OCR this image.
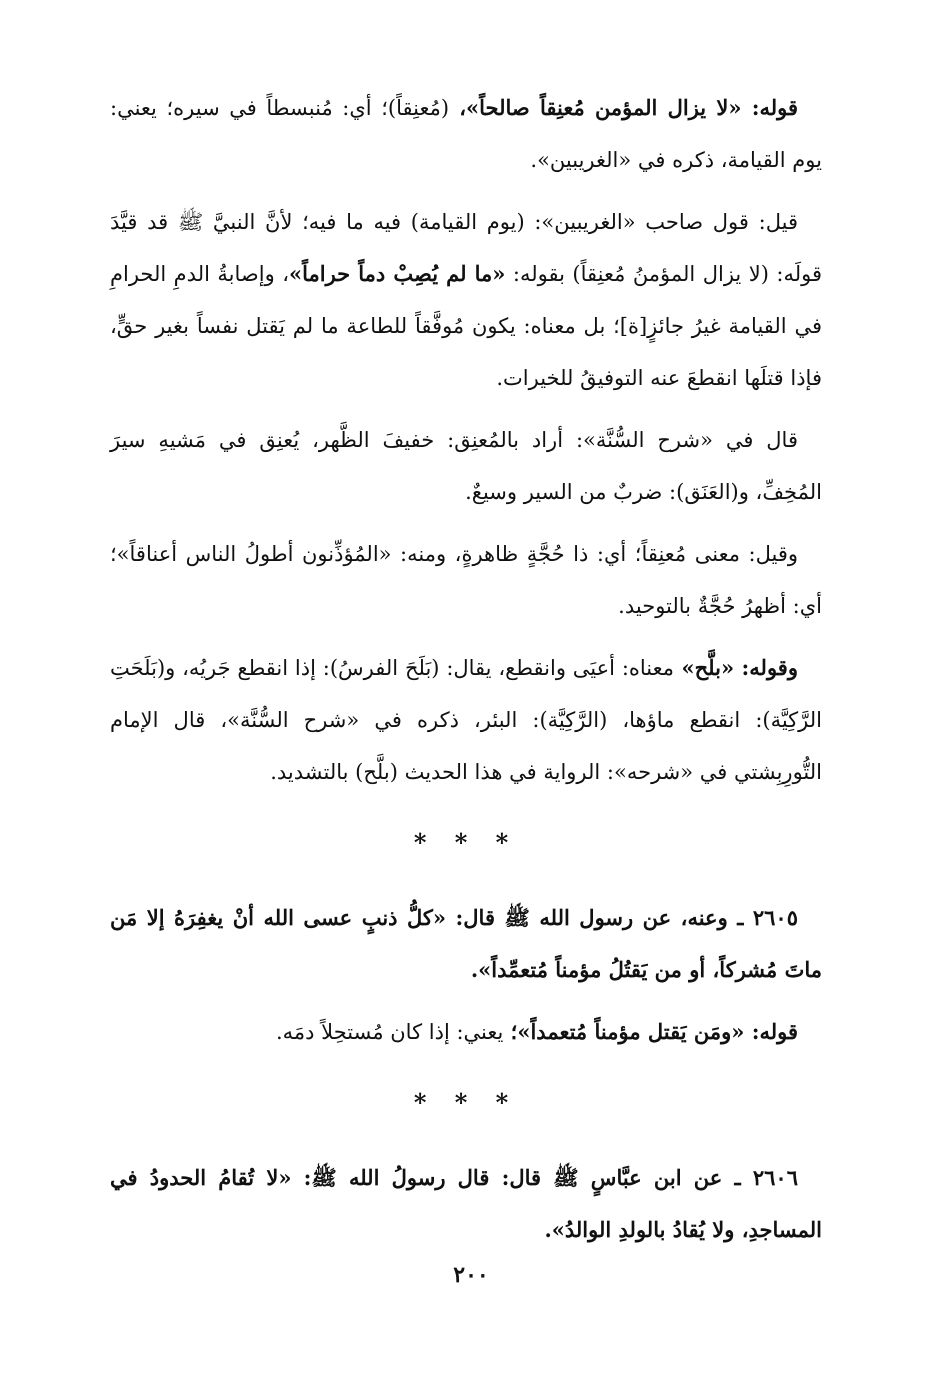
قوله: «لا يزال المؤمن مُعنِقاً صالحاً»، (مُعنِقاً)؛ أي: مُنبسطاً في سيره؛ يعني: يوم القيامة، ذكره في «الغريبين».

قيل: قول صاحب «الغريبين»: (يوم القيامة) فيه ما فيه؛ لأنَّ النبيَّ ﷺ قد قيَّدَ قولَه: (لا يزال المؤمنُ مُعنِقاً) بقوله: «ما لم يُصِبْ دماً حراماً»، وإصابةُ الدمِ الحرامِ في القيامة غيرُ جائزٍ[ة]؛ بل معناه: يكون مُوفَّقاً للطاعة ما لم يَقتل نفساً بغير حقٍّ، فإذا قتلَها انقطعَ عنه التوفيقُ للخيرات.

قال في «شرح السُّنَّة»: أراد بالمُعنِق: خفيفَ الظَّهر، يُعنِق في مَشيهِ سيرَ المُخِفِّ، و(العَنَق): ضربٌ من السير وسيعٌ.

وقيل: معنى مُعنِقاً؛ أي: ذا حُجَّةٍ ظاهرةٍ، ومنه: «المُؤذِّنون أطولُ الناس أعناقاً»؛ أي: أظهرُ حُجَّةٌ بالتوحيد.

وقوله: «بلَّح» معناه: أعيَى وانقطع، يقال: (بَلَحَ الفرسُ): إذا انقطع جَريُه، و(بَلَحَتِ الرَّكِيَّة): انقطع ماؤها، (الرَّكِيَّة): البئر، ذكره في «شرح السُّنَّة»، قال الإمام التُّورِبِشتي في «شرحه»: الرواية في هذا الحديث (بلَّح) بالتشديد.

* * *

٢٦٠٥ ـ وعنه، عن رسول الله ﷺ قال: «كلُّ ذنبٍ عسى الله أنْ يغفِرَهُ إلا مَن ماتَ مُشركاً، أو من يَقتُلُ مؤمناً مُتعمِّداً».

قوله: «ومَن يَقتل مؤمناً مُتعمداً»؛ يعني: إذا كان مُستحِلاً دمَه.

* * *

٢٦٠٦ ـ عن ابن عبَّاسٍ ﷺ قال: قال رسولُ الله ﷺ: «لا تُقامُ الحدودُ في المساجدِ، ولا يُقادُ بالولدِ الوالدُ».

٢٠٠
